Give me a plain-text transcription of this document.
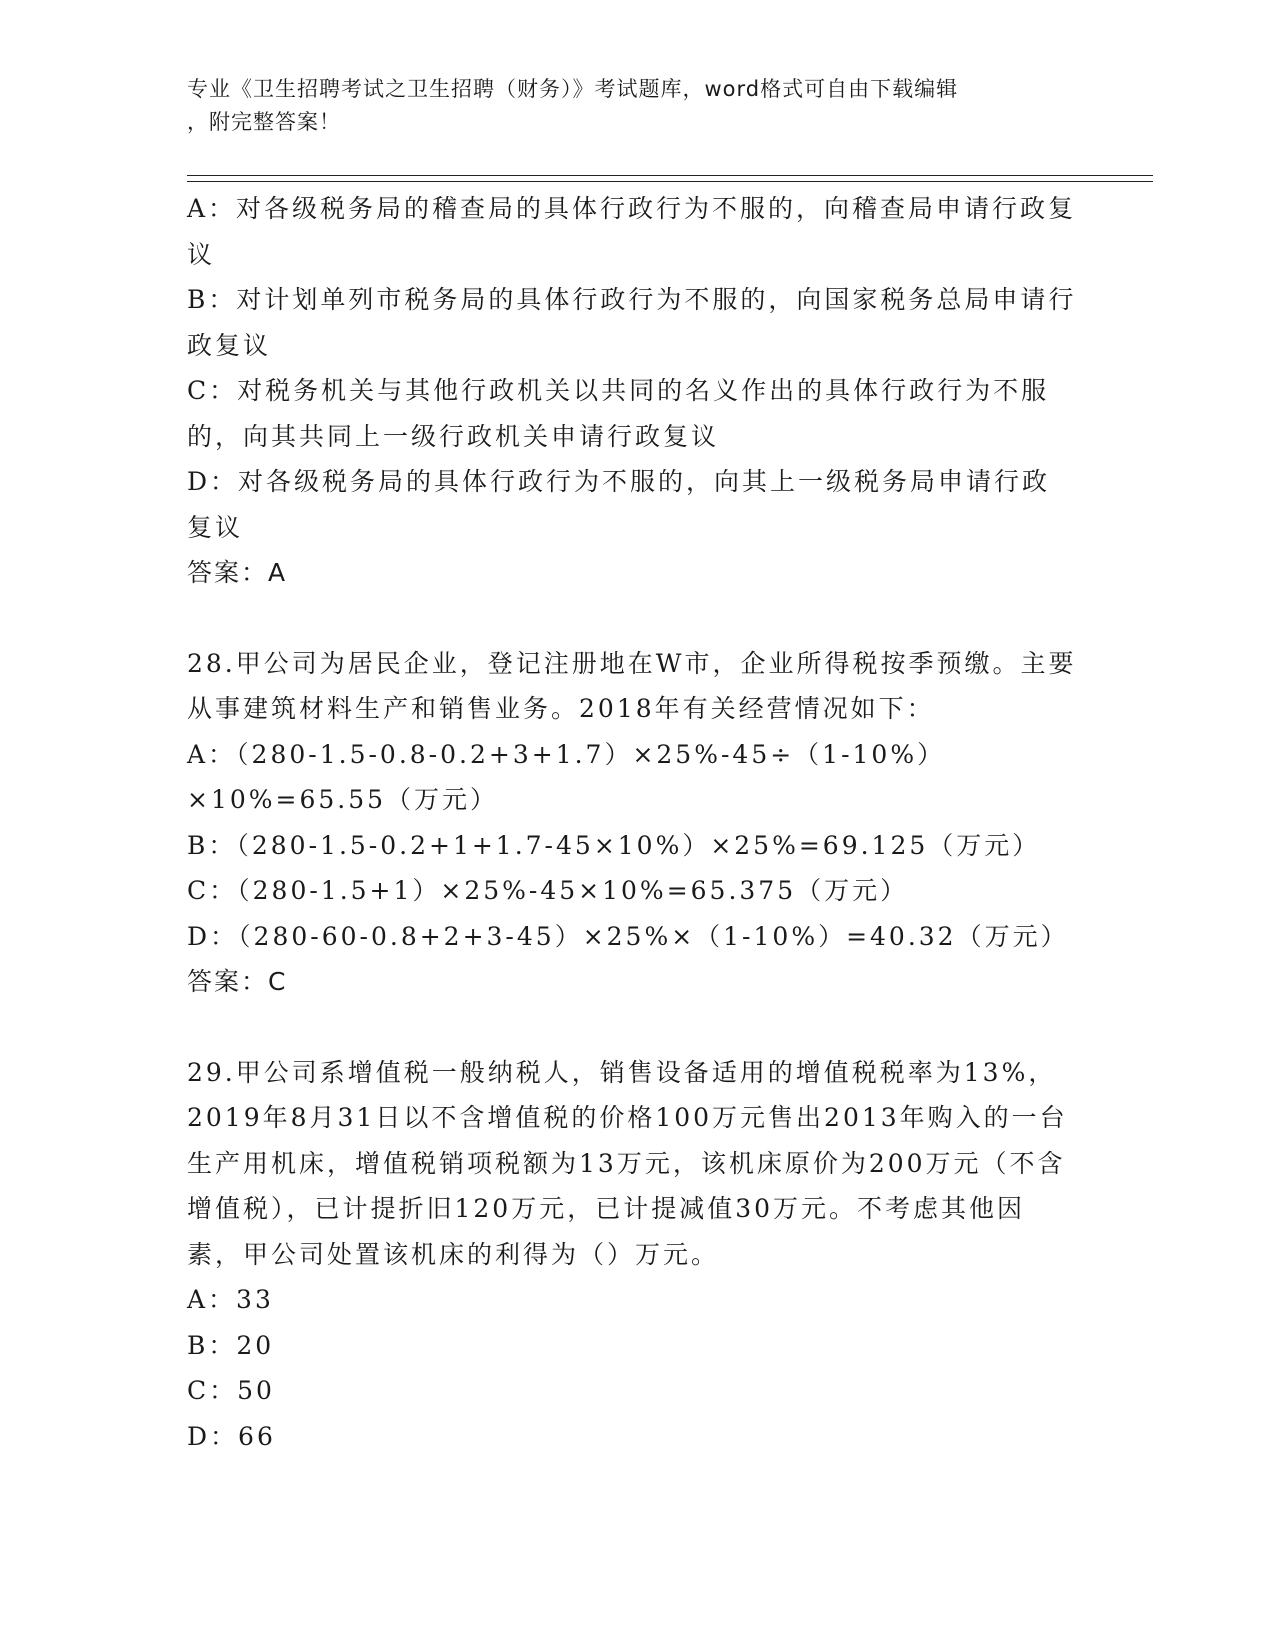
专业《卫生招聘考试之卫生招聘（财务）》考试题库，word格式可自由下载编辑
，附完整答案！

A：对各级税务局的稽查局的具体行政行为不服的，向稽查局申请行政复议

B：对计划单列市税务局的具体行政行为不服的，向国家税务总局申请行政复议

C：对税务机关与其他行政机关以共同的名义作出的具体行政行为不服的，向其共同上一级行政机关申请行政复议

D：对各级税务局的具体行政行为不服的，向其上一级税务局申请行政复议

答案：A

28.甲公司为居民企业，登记注册地在W市，企业所得税按季预缴。主要从事建筑材料生产和销售业务。2018年有关经营情况如下：

A：（280-1.5-0.8-0.2+3+1.7）×25%-45÷（1-10%）×10%=65.55（万元）

B：（280-1.5-0.2+1+1.7-45×10%）×25%=69.125（万元）

C：（280-1.5+1）×25%-45×10%=65.375（万元）

D：（280-60-0.8+2+3-45）×25%×（1-10%）=40.32（万元）

答案：C

29.甲公司系增值税一般纳税人，销售设备适用的增值税税率为13%，2019年8月31日以不含增值税的价格100万元售出2013年购入的一台生产用机床，增值税销项税额为13万元，该机床原价为200万元（不含增值税），已计提折旧120万元，已计提减值30万元。不考虑其他因素，甲公司处置该机床的利得为（）万元。

A：33

B：20

C：50

D：66
